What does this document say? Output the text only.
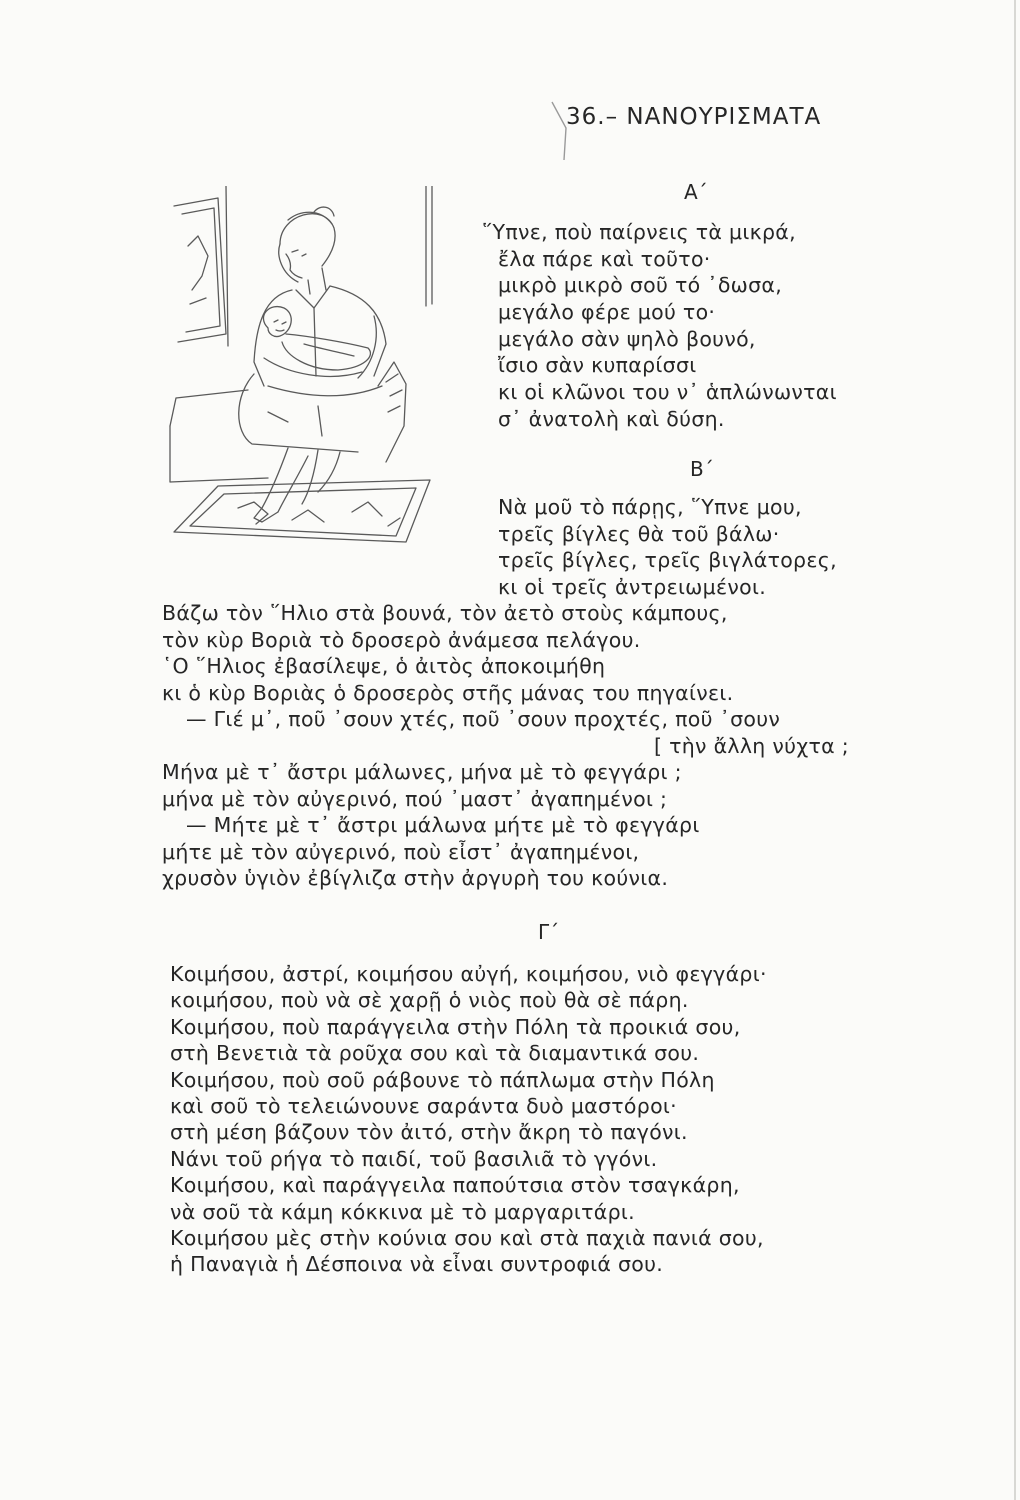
36.– ΝΑΝΟΥΡΙΣΜΑΤΑ
Α΄
῞Υπνε, ποὺ παίρνεις τὰ μικρά,
ἔλα πάρε καὶ τοῦτο·
μικρὸ μικρὸ σοῦ τό ᾿δωσα,
μεγάλο φέρε μού το·
μεγάλο σὰν ψηλὸ βουνό,
ἴσιο σὰν κυπαρίσσι
κι οἱ κλῶνοι του ν᾿ ἁπλώνωνται
σ᾿ ἀνατολὴ καὶ δύση.
Β΄
Νὰ μοῦ τὸ πάρῃς, ῞Υπνε μου,
τρεῖς βίγλες θὰ τοῦ βάλω·
τρεῖς βίγλες, τρεῖς βιγλάτορες,
κι οἱ τρεῖς ἀντρειωμένοι.
Βάζω τὸν ῞Ηλιο στὰ βουνά, τὸν ἀετὸ στοὺς κάμπους,
τὸν κὺρ Βοριὰ τὸ δροσερὸ ἀνάμεσα πελάγου.
῾Ο ῞Ηλιος ἐβασίλεψε, ὁ ἀιτὸς ἀποκοιμήθη
κι ὁ κὺρ Βοριὰς ὁ δροσερὸς στῆς μάνας του πηγαίνει.
— Γιέ μ᾿, ποῦ ᾿σουν χτές, ποῦ ᾿σουν προχτές, ποῦ ᾿σουν
[ τὴν ἄλλη νύχτα ;
Μήνα μὲ τ᾿ ἄστρι μάλωνες, μήνα μὲ τὸ φεγγάρι ;
μήνα μὲ τὸν αὐγερινό, πού ᾿μαστ᾿ ἀγαπημένοι ;
— Μήτε μὲ τ᾿ ἄστρι μάλωνα μήτε μὲ τὸ φεγγάρι
μήτε μὲ τὸν αὐγερινό, ποὺ εἶστ᾿ ἀγαπημένοι,
χρυσὸν ὑγιὸν ἐβίγλιζα στὴν ἀργυρὴ του κούνια.
Γ΄
Κοιμήσου, ἀστρί, κοιμήσου αὐγή, κοιμήσου, νιὸ φεγγάρι·
κοιμήσου, ποὺ νὰ σὲ χαρῇ ὁ νιὸς ποὺ θὰ σὲ πάρη.
Κοιμήσου, ποὺ παράγγειλα στὴν Πόλη τὰ προικιά σου,
στὴ Βενετιὰ τὰ ροῦχα σου καὶ τὰ διαμαντικά σου.
Κοιμήσου, ποὺ σοῦ ράβουνε τὸ πάπλωμα στὴν Πόλη
καὶ σοῦ τὸ τελειώνουνε σαράντα δυὸ μαστόροι·
στὴ μέση βάζουν τὸν ἀιτό, στὴν ἄκρη τὸ παγόνι.
Νάνι τοῦ ρήγα τὸ παιδί, τοῦ βασιλιᾶ τὸ γγόνι.
Κοιμήσου, καὶ παράγγειλα παπούτσια στὸν τσαγκάρη,
νὰ σοῦ τὰ κάμη κόκκινα μὲ τὸ μαργαριτάρι.
Κοιμήσου μὲς στὴν κούνια σου καὶ στὰ παχιὰ πανιά σου,
ἡ Παναγιὰ ἡ Δέσποινα νὰ εἶναι συντροφιά σου.
